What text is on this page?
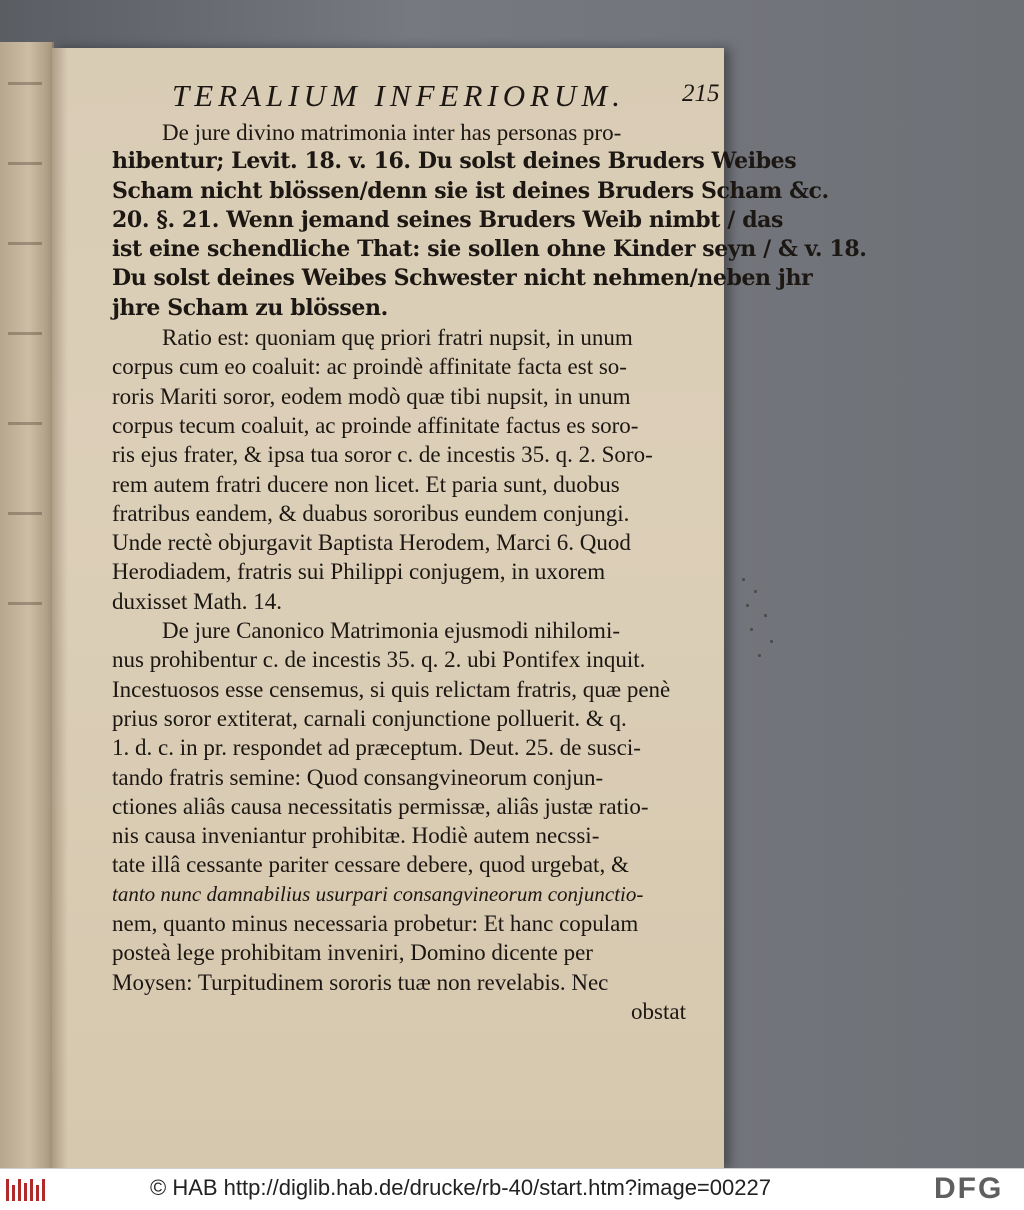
TERALIUM INFERIORUM. 215
De jure divino matrimonia inter has personas pro-
hibentur; Levit. 18. v. 16. Du solst deines Bruders Weibes
Scham nicht blössen/denn sie ist deines Bruders Scham &c.
20. §. 21. Wenn jemand seines Bruders Weib nimbt / das
ist eine schendliche That: sie sollen ohne Kinder seyn / & v. 18.
Du solst deines Weibes Schwester nicht nehmen/neben jhr
jhre Scham zu blössen.
Ratio est: quoniam quę priori fratri nupsit, in unum
corpus cum eo coaluit: ac proindè affinitate facta est so-
roris Mariti soror, eodem modò quæ tibi nupsit, in unum
corpus tecum coaluit, ac proinde affinitate factus es soro-
ris ejus frater, & ipsa tua soror c. de incestis 35. q. 2. Soro-
rem autem fratri ducere non licet. Et paria sunt, duobus
fratribus eandem, & duabus sororibus eundem conjungi.
Unde rectè objurgavit Baptista Herodem, Marci 6. Quod
Herodiadem, fratris sui Philippi conjugem, in uxorem
duxisset Math. 14.
De jure Canonico Matrimonia ejusmodi nihilomi-
nus prohibentur c. de incestis 35. q. 2. ubi Pontifex inquit.
Incestuosos esse censemus, si quis relictam fratris, quæ penè
prius soror extiterat, carnali conjunctione polluerit. & q.
1. d. c. in pr. respondet ad præceptum. Deut. 25. de susci-
tando fratris semine: Quod consangvineorum conjun-
ctiones aliâs causa necessitatis permissæ, aliâs justæ ratio-
nis causa inveniantur prohibitæ. Hodiè autem necssi-
tate illâ cessante pariter cessare debere, quod urgebat, &
tanto nunc damnabilius usurpari consangvineorum conjunctio-
nem, quanto minus necessaria probetur: Et hanc copulam
posteà lege prohibitam inveniri, Domino dicente per
Moysen: Turpitudinem sororis tuæ non revelabis. Nec
obstat
© HAB http://diglib.hab.de/drucke/rb-40/start.htm?image=00227	DFG
